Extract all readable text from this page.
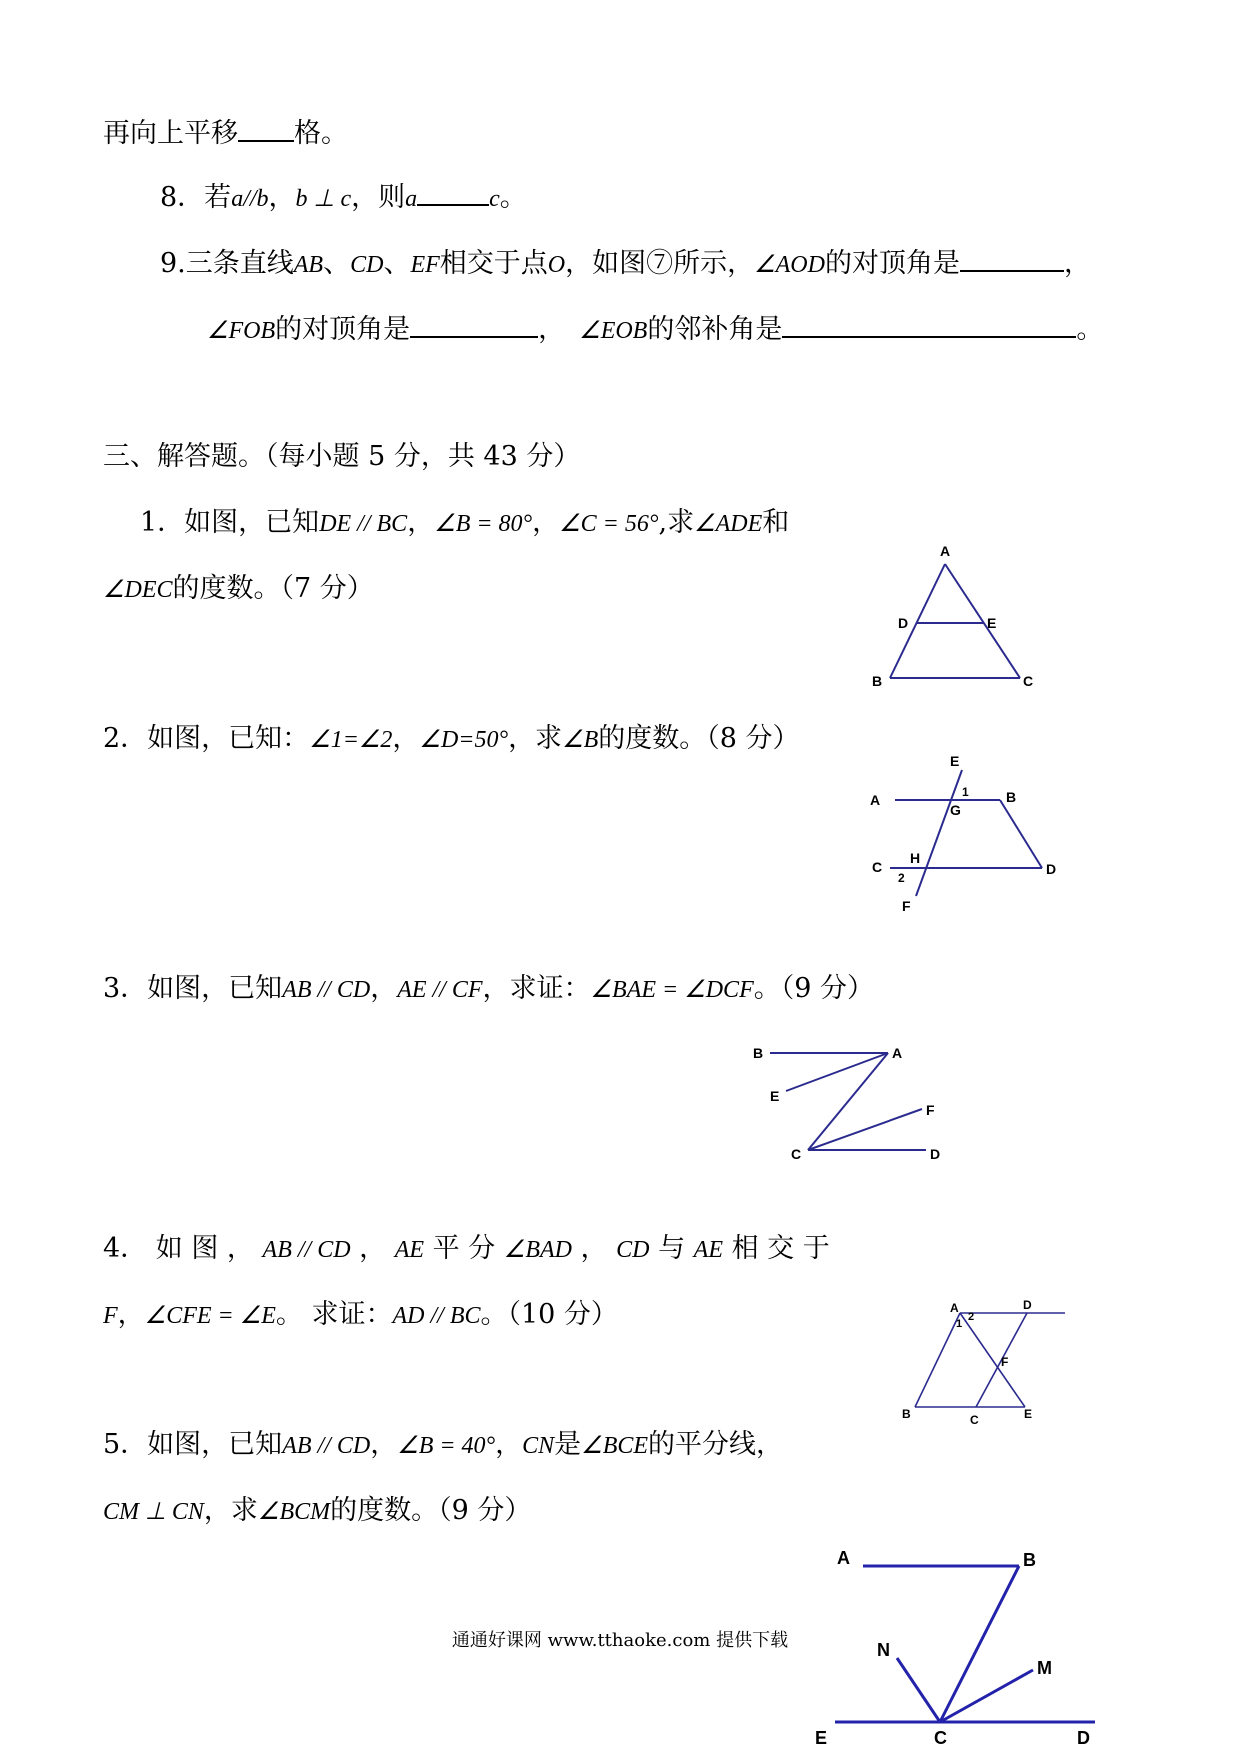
再向上平移 格。
8．若a//b，b ⊥ c，则a	c。
9.三条直线AB、CD、EF相交于点O，如图⑦所示，∠AOD的对顶角是	，
∠FOB的对顶角是	， ∠EOB的邻补角是	。
三、解答题。（每小题 5 分，共 43 分）
1．如图，已知DE // BC，∠B = 80°，∠C = 56°,求∠ADE和
∠DEC的度数。（7 分）
A
D	E
B	C
2．如图，已知：∠1=∠2，∠D=50°，求∠B的度数。（8 分）
E
A	1	B
G
H
C
2
D
F
3．如图，已知AB // CD，AE // CF，求证：∠BAE = ∠DCF。（9 分）
B	A
E
F
C	D
4． 如 图 ， AB // CD ， AE 平 分 ∠BAD ， CD 与 AE 相 交 于
F，∠CFE = ∠E。 求证：AD // BC。（10 分）	A
2
1
D
F
B	C	E
5．如图，已知AB // CD，∠B = 40°，CN是∠BCE的平分线，
CM ⊥ CN，求∠BCM的度数。（9 分）
A	B
N
M
E	C	D
通通好课网 www.tthaoke.com 提供下载
